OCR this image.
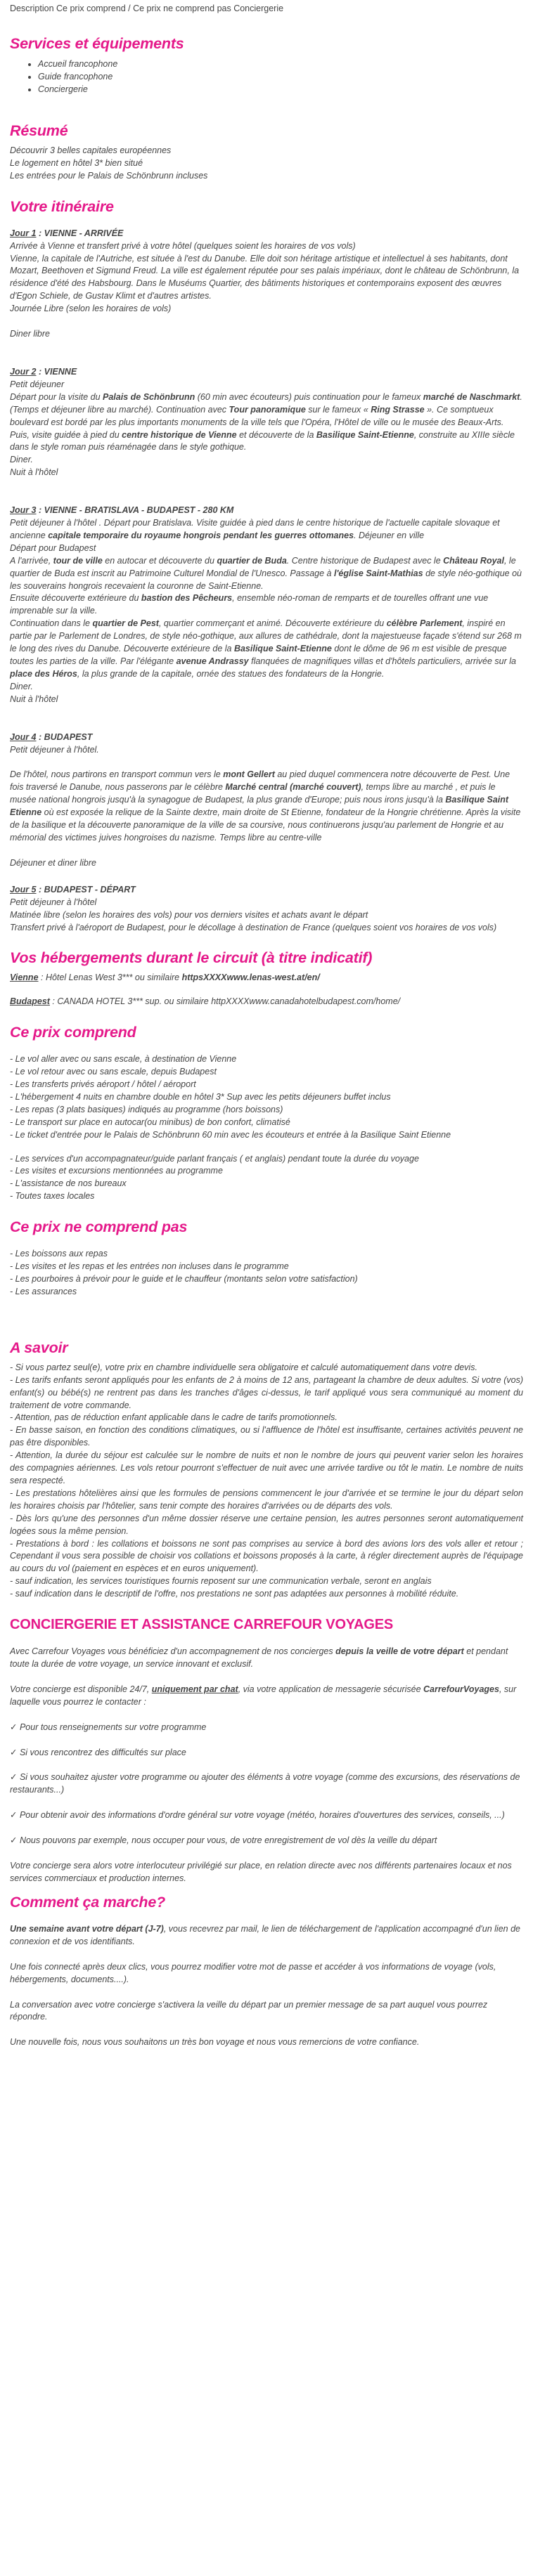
Description Ce prix comprend / Ce prix ne comprend pas Conciergerie

Services et équipements
• Accueil francophone
• Guide francophone
• Conciergerie
Résumé
Découvrir 3 belles capitales européennes
Le logement en hôtel 3* bien situé
Les entrées pour le Palais de Schönbrunn incluses
Votre itinéraire
Jour 1 : VIENNE - ARRIVÉE
Arrivée à Vienne et transfert privé à votre hôtel (quelques soient les horaires de vos vols)
Vienne, la capitale de l'Autriche, est située à l'est du Danube. Elle doit son héritage artistique et intellectuel à ses habitants, dont Mozart, Beethoven et Sigmund Freud. La ville est également réputée pour ses palais impériaux, dont le château de Schönbrunn, la résidence d'été des Habsbourg. Dans le Muséums Quartier, des bâtiments historiques et contemporains exposent des œuvres d'Egon Schiele, de Gustav Klimt et d'autres artistes.
Journée Libre (selon les horaires de vols)
Diner libre
Jour 2 : VIENNE
Petit déjeuner
Départ pour la visite du Palais de Schönbrunn (60 min avec écouteurs) puis continuation pour le fameux marché de Naschmarkt. (Temps et déjeuner libre au marché). Continuation avec Tour panoramique sur le fameux « Ring Strasse ». Ce somptueux boulevard est bordé par les plus importants monuments de la ville tels que l'Opéra, l'Hôtel de ville ou le musée des Beaux-Arts. Puis, visite guidée à pied du centre historique de Vienne et découverte de la Basilique Saint-Etienne, construite au XIIIe siècle dans le style roman puis réaménagée dans le style gothique.
Diner.
Nuit à l'hôtel
Jour 3 : VIENNE - BRATISLAVA - BUDAPEST - 280 KM
Petit déjeuner à l'hôtel . Départ pour Bratislava. Visite guidée à pied dans le centre historique de l'actuelle capitale slovaque et ancienne capitale temporaire du royaume hongrois pendant les guerres ottomanes. Déjeuner en ville
Départ pour Budapest
A l'arrivée, tour de ville en autocar et découverte du quartier de Buda. Centre historique de Budapest avec le Château Royal, le quartier de Buda est inscrit au Patrimoine Culturel Mondial de l'Unesco. Passage à l'église Saint-Mathias de style néo-gothique où les souverains hongrois recevaient la couronne de Saint-Etienne.
Ensuite découverte extérieure du bastion des Pêcheurs, ensemble néo-roman de remparts et de tourelles offrant une vue imprenable sur la ville.
Continuation dans le quartier de Pest, quartier commerçant et animé. Découverte extérieure du célèbre Parlement, inspiré en partie par le Parlement de Londres, de style néo-gothique, aux allures de cathédrale, dont la majestueuse façade s'étend sur 268 m le long des rives du Danube. Découverte extérieure de la Basilique Saint-Etienne dont le dôme de 96 m est visible de presque toutes les parties de la ville. Par l'élégante avenue Andrassy flanquées de magnifiques villas et d'hôtels particuliers, arrivée sur la place des Héros, la plus grande de la capitale, ornée des statues des fondateurs de la Hongrie.
Diner.
Nuit à l'hôtel
Jour 4 : BUDAPEST
Petit déjeuner à l'hôtel.
De l'hôtel, nous partirons en transport commun vers le mont Gellert au pied duquel commencera notre découverte de Pest. Une fois traversé le Danube, nous passerons par le célèbre Marché central (marché couvert), temps libre au marché , et puis le musée national hongrois jusqu'à la synagogue de Budapest, la plus grande d'Europe; puis nous irons jusqu'à la Basilique Saint Etienne où est exposée la relique de la Sainte dextre, main droite de St Etienne, fondateur de la Hongrie chrétienne. Après la visite de la basilique et la découverte panoramique de la ville de sa coursive, nous continuerons jusqu'au parlement de Hongrie et au mémorial des victimes juives hongroises du nazisme. Temps libre au centre-ville
Déjeuner et diner libre
Jour 5 : BUDAPEST - DÉPART
Petit déjeuner à l'hôtel
Matinée libre (selon les horaires des vols) pour vos derniers visites et achats avant le départ
Transfert privé à l'aéroport de Budapest, pour le décollage à destination de France (quelques soient vos horaires de vos vols)
Vos hébergements durant le circuit (à titre indicatif)
Vienne : Hôtel Lenas West 3*** ou similaire httpsXXXXwww.lenas-west.at/en/
Budapest : CANADA HOTEL 3*** sup. ou similaire httpXXXXwww.canadahotelbudapest.com/home/
Ce prix comprend
- Le vol aller avec ou sans escale, à destination de Vienne
- Le vol retour avec ou sans escale, depuis Budapest
- Les transferts privés aéroport / hôtel / aéroport
- L'hébergement 4 nuits en chambre double en hôtel 3* Sup avec les petits déjeuners buffet inclus
- Les repas (3 plats basiques) indiqués au programme (hors boissons)
- Le transport sur place en autocar(ou minibus) de bon confort, climatisé
- Le ticket d'entrée pour le Palais de Schönbrunn 60 min avec les écouteurs et entrée à la Basilique Saint Etienne
- Les services d'un accompagnateur/guide parlant français ( et anglais) pendant toute la durée du voyage
- Les visites et excursions mentionnées au programme
- L'assistance de nos bureaux
- Toutes taxes locales
Ce prix ne comprend pas
- Les boissons aux repas
- Les visites et les repas et les entrées non incluses dans le programme
- Les pourboires à prévoir pour le guide et le chauffeur (montants selon votre satisfaction)
- Les assurances
A savoir
- Si vous partez seul(e), votre prix en chambre individuelle sera obligatoire et calculé automatiquement dans votre devis.
- Les tarifs enfants seront appliqués pour les enfants de 2 à moins de 12 ans, partageant la chambre de deux adultes. Si votre (vos) enfant(s) ou bébé(s) ne rentrent pas dans les tranches d'âges ci-dessus, le tarif appliqué vous sera communiqué au moment du traitement de votre commande.
- Attention, pas de réduction enfant applicable dans le cadre de tarifs promotionnels.
- En basse saison, en fonction des conditions climatiques, ou si l'affluence de l'hôtel est insuffisante, certaines activités peuvent ne pas être disponibles.
- Attention, la durée du séjour est calculée sur le nombre de nuits et non le nombre de jours qui peuvent varier selon les horaires des compagnies aériennes. Les vols retour pourront s'effectuer de nuit avec une arrivée tardive ou tôt le matin. Le nombre de nuits sera respecté.
- Les prestations hôtelières ainsi que les formules de pensions commencent le jour d'arrivée et se termine le jour du départ selon les horaires choisis par l'hôtelier, sans tenir compte des horaires d'arrivées ou de départs des vols.
- Dès lors qu'une des personnes d'un même dossier réserve une certaine pension, les autres personnes seront automatiquement logées sous la même pension.
- Prestations à bord : les collations et boissons ne sont pas comprises au service à bord des avions lors des vols aller et retour ; Cependant il vous sera possible de choisir vos collations et boissons proposés à la carte, à régler directement auprès de l'équipage au cours du vol (paiement en espèces et en euros uniquement).
- sauf indication, les services touristiques fournis reposent sur une communication verbale, seront en anglais
- sauf indication dans le descriptif de l'offre, nos prestations ne sont pas adaptées aux personnes à mobilité réduite.
CONCIERGERIE ET ASSISTANCE CARREFOUR VOYAGES
Avec Carrefour Voyages vous bénéficiez d'un accompagnement de nos concierges depuis la veille de votre départ et pendant toute la durée de votre voyage, un service innovant et exclusif.
Votre concierge est disponible 24/7, uniquement par chat, via votre application de messagerie sécurisée CarrefourVoyages, sur laquelle vous pourrez le contacter :
✓ Pour tous renseignements sur votre programme
✓ Si vous rencontrez des difficultés sur place
✓ Si vous souhaitez ajuster votre programme ou ajouter des éléments à votre voyage (comme des excursions, des réservations de restaurants...)
✓ Pour obtenir avoir des informations d'ordre général sur votre voyage (météo, horaires d'ouvertures des services, conseils, ...)
✓ Nous pouvons par exemple, nous occuper pour vous, de votre enregistrement de vol dès la veille du départ
Votre concierge sera alors votre interlocuteur privilégié sur place, en relation directe avec nos différents partenaires locaux et nos services commerciaux et production internes.
Comment ça marche?
Une semaine avant votre départ (J-7), vous recevrez par mail, le lien de téléchargement de l'application accompagné d'un lien de connexion et de vos identifiants.
Une fois connecté après deux clics, vous pourrez modifier votre mot de passe et accéder à vos informations de voyage (vols, hébergements, documents....).
La conversation avec votre concierge s'activera la veille du départ par un premier message de sa part auquel vous pourrez répondre.
Une nouvelle fois, nous vous souhaitons un très bon voyage et nous vous remercions de votre confiance.
